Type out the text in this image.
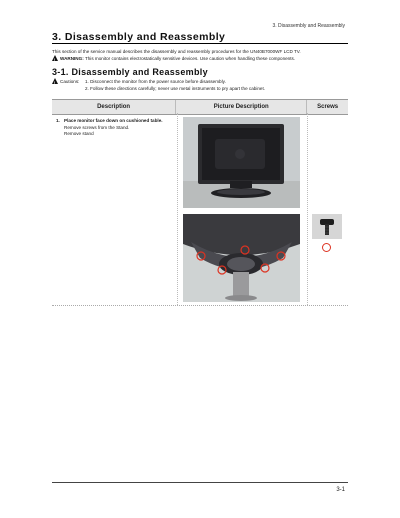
3. Disassembly and Reassembly
3. Disassembly and Reassembly
This section of the service manual describes the disassembly and reassembly procedures for the UN40B7000WF LCD TV.
!WARNING: This monitor contains electrostatically sensitive devices. Use caution when handling these components.
3-1. Disassembly and Reassembly
!Cautions:	1. Disconnect the monitor from the power source before disassembly.
2. Follow these directions carefully; never use metal instruments to pry apart the cabinet.
Description	Picture Description	Screws
1. Place monitor face down on cushioned table.
Remove screws from the Stand.
Remove stand
3-1
